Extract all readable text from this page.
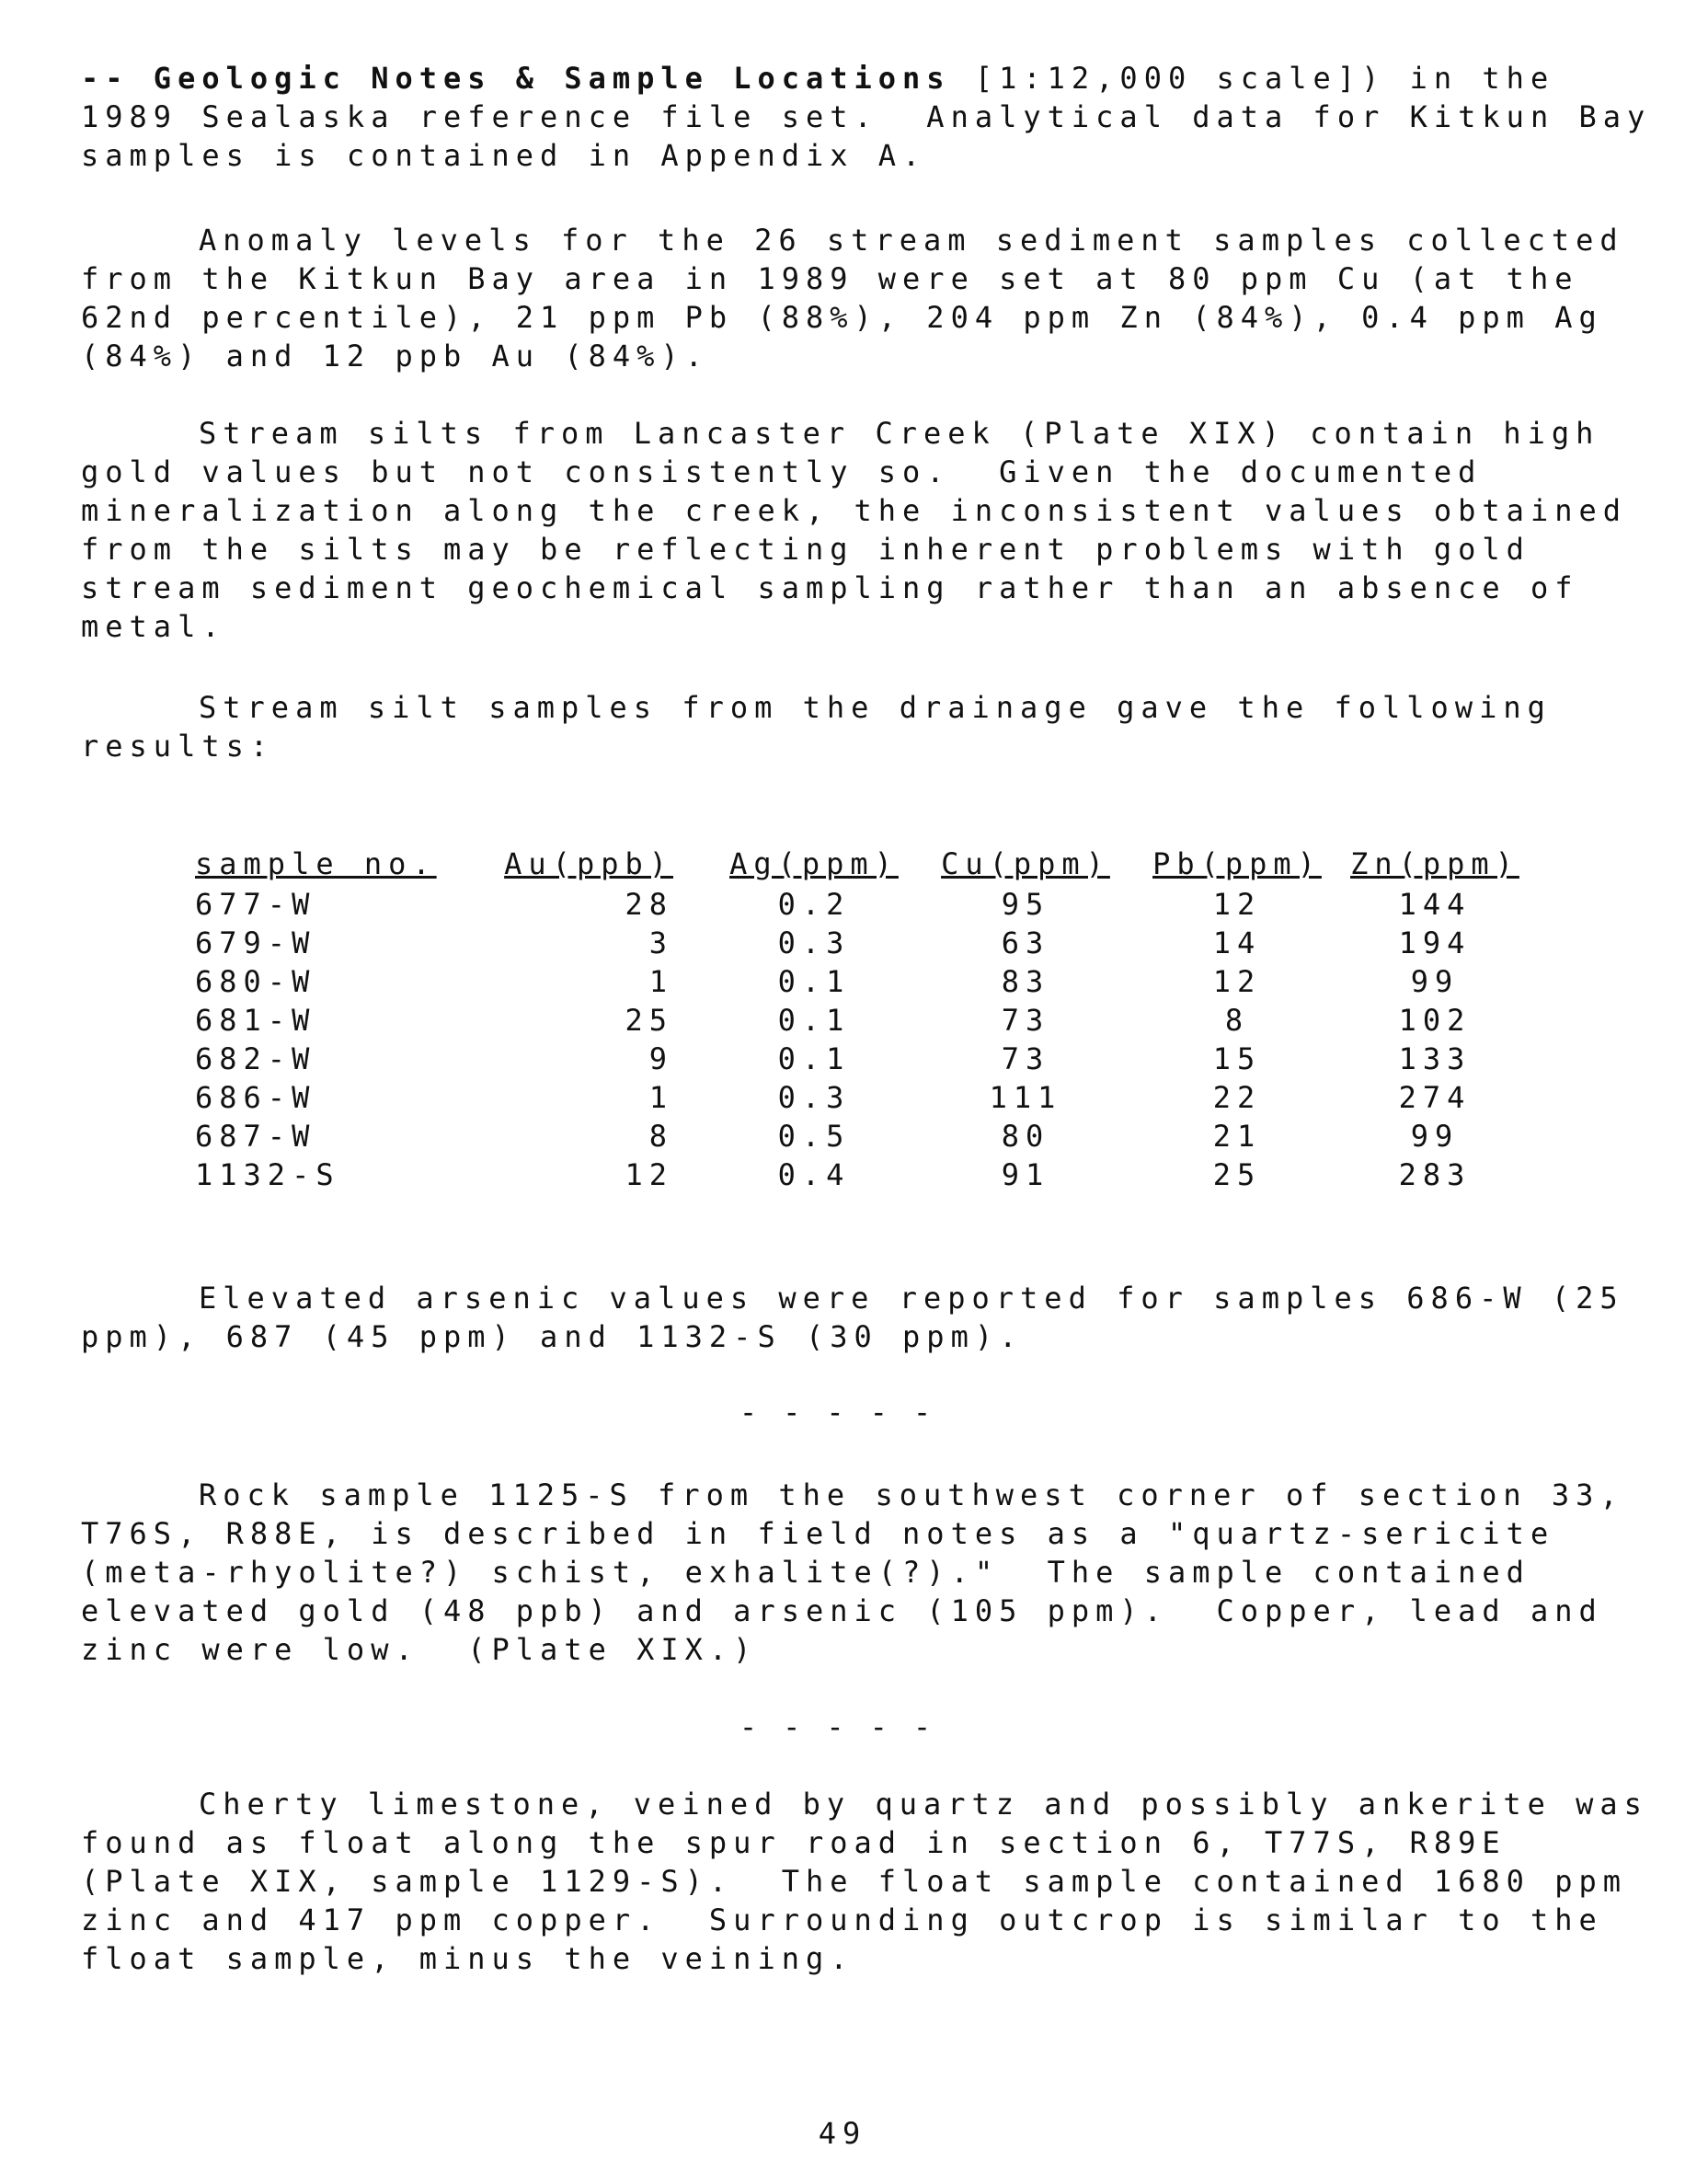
-- Geologic Notes & Sample Locations [1:12,000 scale]) in the
1989 Sealaska reference file set.  Analytical data for Kitkun Bay
samples is contained in Appendix A.
Anomaly levels for the 26 stream sediment samples collected
from the Kitkun Bay area in 1989 were set at 80 ppm Cu (at the
62nd percentile), 21 ppm Pb (88%), 204 ppm Zn (84%), 0.4 ppm Ag
(84%) and 12 ppb Au (84%).
Stream silts from Lancaster Creek (Plate XIX) contain high
gold values but not consistently so.  Given the documented
mineralization along the creek, the inconsistent values obtained
from the silts may be reflecting inherent problems with gold
stream sediment geochemical sampling rather than an absence of
metal.
Stream silt samples from the drainage gave the following
results:
sample no.	Au(ppb)	Ag(ppm)	Cu(ppm)	Pb(ppm)	Zn(ppm)
677-W	28	0.2	95	12	144
679-W	3	0.3	63	14	194
680-W	1	0.1	83	12	99
681-W	25	0.1	73	8	102
682-W	9	0.1	73	15	133
686-W	1	0.3	111	22	274
687-W	8	0.5	80	21	99
1132-S	12	0.4	91	25	283
Elevated arsenic values were reported for samples 686-W (25
ppm), 687 (45 ppm) and 1132-S (30 ppm).
-----
Rock sample 1125-S from the southwest corner of section 33,
T76S, R88E, is described in field notes as a "quartz-sericite
(meta-rhyolite?) schist, exhalite(?)."  The sample contained
elevated gold (48 ppb) and arsenic (105 ppm).  Copper, lead and
zinc were low.  (Plate XIX.)
-----
Cherty limestone, veined by quartz and possibly ankerite was
found as float along the spur road in section 6, T77S, R89E
(Plate XIX, sample 1129-S).  The float sample contained 1680 ppm
zinc and 417 ppm copper.  Surrounding outcrop is similar to the
float sample, minus the veining.
49
